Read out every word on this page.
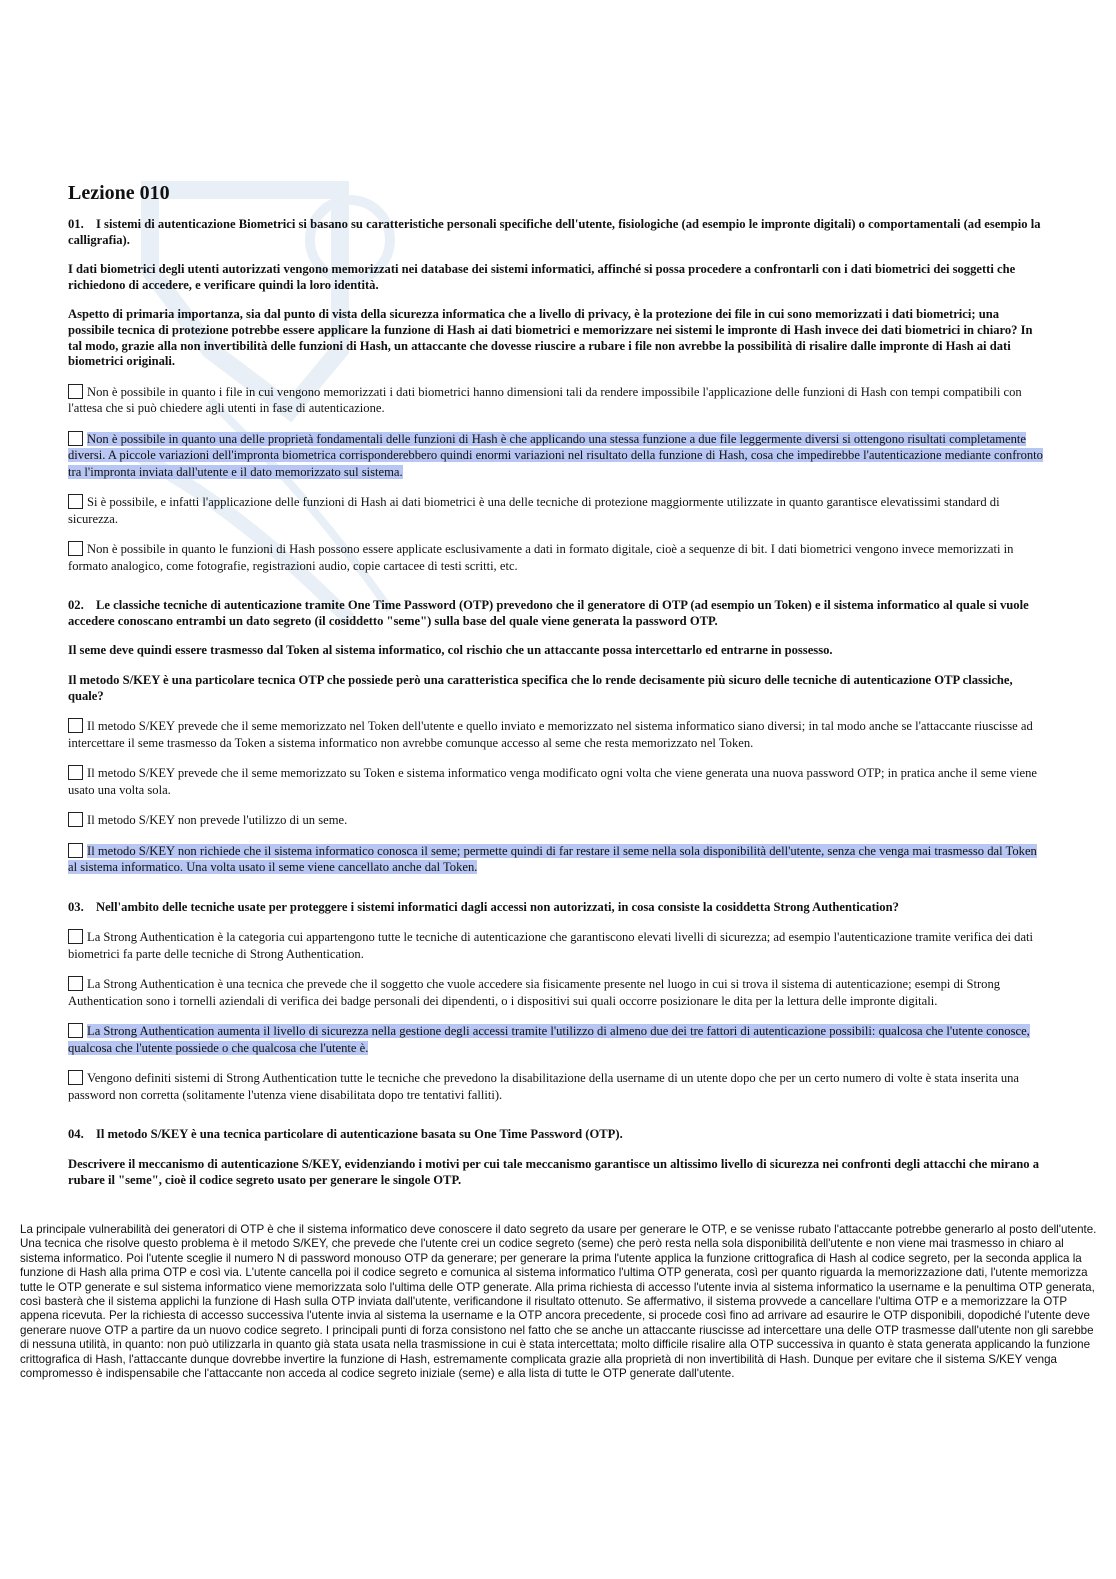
Lezione 010

01. I sistemi di autenticazione Biometrici si basano su caratteristiche personali specifiche dell'utente, fisiologiche (ad esempio le impronte digitali) o comportamentali (ad esempio la calligrafia).

I dati biometrici degli utenti autorizzati vengono memorizzati nei database dei sistemi informatici, affinché si possa procedere a confrontarli con i dati biometrici dei soggetti che richiedono di accedere, e verificare quindi la loro identità.

Aspetto di primaria importanza, sia dal punto di vista della sicurezza informatica che a livello di privacy, è la protezione dei file in cui sono memorizzati i dati biometrici; una possibile tecnica di protezione potrebbe essere applicare la funzione di Hash ai dati biometrici e memorizzare nei sistemi le impronte di Hash invece dei dati biometrici in chiaro? In tal modo, grazie alla non invertibilità delle funzioni di Hash, un attaccante che dovesse riuscire a rubare i file non avrebbe la possibilità di risalire dalle impronte di Hash ai dati biometrici originali.

Non è possibile in quanto i file in cui vengono memorizzati i dati biometrici hanno dimensioni tali da rendere impossibile l'applicazione delle funzioni di Hash con tempi compatibili con l'attesa che si può chiedere agli utenti in fase di autenticazione.
Non è possibile in quanto una delle proprietà fondamentali delle funzioni di Hash è che applicando una stessa funzione a due file leggermente diversi si ottengono risultati completamente diversi. A piccole variazioni dell'impronta biometrica corrisponderebbero quindi enormi variazioni nel risultato della funzione di Hash, cosa che impedirebbe l'autenticazione mediante confronto tra l'impronta inviata dall'utente e il dato memorizzato sul sistema.
Si è possibile, e infatti l'applicazione delle funzioni di Hash ai dati biometrici è una delle tecniche di protezione maggiormente utilizzate in quanto garantisce elevatissimi standard di sicurezza.
Non è possibile in quanto le funzioni di Hash possono essere applicate esclusivamente a dati in formato digitale, cioè a sequenze di bit. I dati biometrici vengono invece memorizzati in formato analogico, come fotografie, registrazioni audio, copie cartacee di testi scritti, etc.

02. Le classiche tecniche di autenticazione tramite One Time Password (OTP) prevedono che il generatore di OTP (ad esempio un Token) e il sistema informatico al quale si vuole accedere conoscano entrambi un dato segreto (il cosiddetto "seme") sulla base del quale viene generata la password OTP.

Il seme deve quindi essere trasmesso dal Token al sistema informatico, col rischio che un attaccante possa intercettarlo ed entrarne in possesso.

Il metodo S/KEY è una particolare tecnica OTP che possiede però una caratteristica specifica che lo rende decisamente più sicuro delle tecniche di autenticazione OTP classiche, quale?

Il metodo S/KEY prevede che il seme memorizzato nel Token dell'utente e quello inviato e memorizzato nel sistema informatico siano diversi; in tal modo anche se l'attaccante riuscisse ad intercettare il seme trasmesso da Token a sistema informatico non avrebbe comunque accesso al seme che resta memorizzato nel Token.
Il metodo S/KEY prevede che il seme memorizzato su Token e sistema informatico venga modificato ogni volta che viene generata una nuova password OTP; in pratica anche il seme viene usato una volta sola.
Il metodo S/KEY non prevede l'utilizzo di un seme.
Il metodo S/KEY non richiede che il sistema informatico conosca il seme; permette quindi di far restare il seme nella sola disponibilità dell'utente, senza che venga mai trasmesso dal Token al sistema informatico. Una volta usato il seme viene cancellato anche dal Token.

03. Nell'ambito delle tecniche usate per proteggere i sistemi informatici dagli accessi non autorizzati, in cosa consiste la cosiddetta Strong Authentication?

La Strong Authentication è la categoria cui appartengono tutte le tecniche di autenticazione che garantiscono elevati livelli di sicurezza; ad esempio l'autenticazione tramite verifica dei dati biometrici fa parte delle tecniche di Strong Authentication.
La Strong Authentication è una tecnica che prevede che il soggetto che vuole accedere sia fisicamente presente nel luogo in cui si trova il sistema di autenticazione; esempi di Strong Authentication sono i tornelli aziendali di verifica dei badge personali dei dipendenti, o i dispositivi sui quali occorre posizionare le dita per la lettura delle impronte digitali.
La Strong Authentication aumenta il livello di sicurezza nella gestione degli accessi tramite l'utilizzo di almeno due dei tre fattori di autenticazione possibili: qualcosa che l'utente conosce, qualcosa che l'utente possiede o che qualcosa che l'utente è.
Vengono definiti sistemi di Strong Authentication tutte le tecniche che prevedono la disabilitazione della username di un utente dopo che per un certo numero di volte è stata inserita una password non corretta (solitamente l'utenza viene disabilitata dopo tre tentativi falliti).

04. Il metodo S/KEY è una tecnica particolare di autenticazione basata su One Time Password (OTP).

Descrivere il meccanismo di autenticazione S/KEY, evidenziando i motivi per cui tale meccanismo garantisce un altissimo livello di sicurezza nei confronti degli attacchi che mirano a rubare il "seme", cioè il codice segreto usato per generare le singole OTP.

La principale vulnerabilità dei generatori di OTP è che il sistema informatico deve conoscere il dato segreto da usare per generare le OTP, e se venisse rubato l'attaccante potrebbe generarlo al posto dell'utente. Una tecnica che risolve questo problema è il metodo S/KEY, che prevede che l'utente crei un codice segreto (seme) che però resta nella sola disponibilità dell'utente e non viene mai trasmesso in chiaro al sistema informatico. Poi l'utente sceglie il numero N di password monouso OTP da generare; per generare la prima l'utente applica la funzione crittografica di Hash al codice segreto, per la seconda applica la funzione di Hash alla prima OTP e così via. L'utente cancella poi il codice segreto e comunica al sistema informatico l'ultima OTP generata, così per quanto riguarda la memorizzazione dati, l'utente memorizza tutte le OTP generate e sul sistema informatico viene memorizzata solo l'ultima delle OTP generate. Alla prima richiesta di accesso l'utente invia al sistema informatico la username e la penultima OTP generata, così basterà che il sistema applichi la funzione di Hash sulla OTP inviata dall'utente, verificandone il risultato ottenuto. Se affermativo, il sistema provvede a cancellare l'ultima OTP e a memorizzare la OTP appena ricevuta. Per la richiesta di accesso successiva l'utente invia al sistema la username e la OTP ancora precedente, si procede così fino ad arrivare ad esaurire le OTP disponibili, dopodiché l'utente deve generare nuove OTP a partire da un nuovo codice segreto. I principali punti di forza consistono nel fatto che se anche un attaccante riuscisse ad intercettare una delle OTP trasmesse dall'utente non gli sarebbe di nessuna utilità, in quanto: non può utilizzarla in quanto già stata usata nella trasmissione in cui è stata intercettata; molto difficile risalire alla OTP successiva in quanto è stata generata applicando la funzione crittografica di Hash, l'attaccante dunque dovrebbe invertire la funzione di Hash, estremamente complicata grazie alla proprietà di non invertibilità di Hash. Dunque per evitare che il sistema S/KEY venga compromesso è indispensabile che l'attaccante non acceda al codice segreto iniziale (seme) e alla lista di tutte le OTP generate dall'utente.
